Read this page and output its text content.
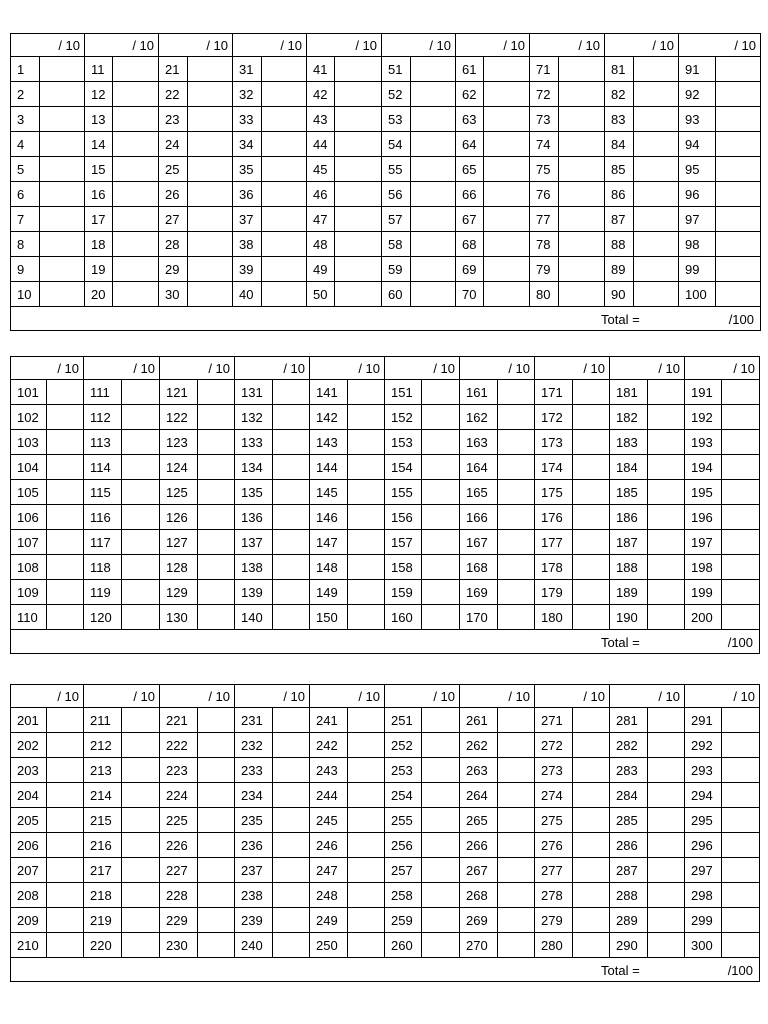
/ 10		/ 10		/ 10		/ 10		/ 10		/ 10		/ 10		/ 10		/ 10		/ 10	
1		11		21		31		41		51		61		71		81		91	
2		12		22		32		42		52		62		72		82		92	
3		13		23		33		43		53		63		73		83		93	
4		14		24		34		44		54		64		74		84		94	
5		15		25		35		45		55		65		75		85		95	
6		16		26		36		46		56		66		76		86		96	
7		17		27		37		47		57		67		77		87		97	
8		18		28		38		48		58		68		78		88		98	
9		19		29		39		49		59		69		79		89		99	
10		20		30		40		50		60		70		80		90		100	

Total = /100																			
/ 10		/ 10		/ 10		/ 10		/ 10		/ 10		/ 10		/ 10		/ 10		/ 10	
101		111		121		131		141		151		161		171		181		191	
102		112		122		132		142		152		162		172		182		192	
103		113		123		133		143		153		163		173		183		193	
104		114		124		134		144		154		164		174		184		194	
105		115		125		135		145		155		165		175		185		195	
106		116		126		136		146		156		166		176		186		196	
107		117		127		137		147		157		167		177		187		197	
108		118		128		138		148		158		168		178		188		198	
109		119		129		139		149		159		169		179		189		199	
110		120		130		140		150		160		170		180		190		200	

Total = /100																			
/ 10		/ 10		/ 10		/ 10		/ 10		/ 10		/ 10		/ 10		/ 10		/ 10	
201		211		221		231		241		251		261		271		281		291	
202		212		222		232		242		252		262		272		282		292	
203		213		223		233		243		253		263		273		283		293	
204		214		224		234		244		254		264		274		284		294	
205		215		225		235		245		255		265		275		285		295	
206		216		226		236		246		256		266		276		286		296	
207		217		227		237		247		257		267		277		287		297	
208		218		228		238		248		258		268		278		288		298	
209		219		229		239		249		259		269		279		289		299	
210		220		230		240		250		260		270		280		290		300	

Total = /100																			
